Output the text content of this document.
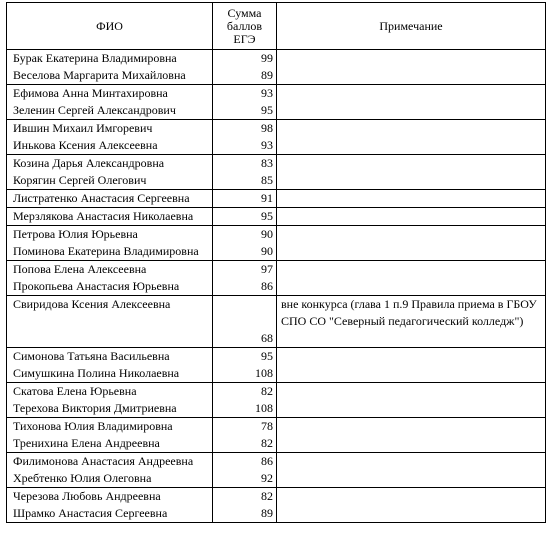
ФИО	Сумма баллов ЕГЭ	Примечание
Бурак Екатерина Владимировна	99	
Веселова Маргарита Михайловна	89	
Ефимова Анна Минтахировна	93	
Зеленин Сергей Александрович	95	
Ившин Михаил Имгоревич	98	
Инькова Ксения Алексеевна	93	
Козина Дарья Александровна	83	
Корягин Сергей Олегович	85	
Листратенко Анастасия Сергеевна	91	
Мерзлякова Анастасия Николаевна	95	
Петрова Юлия Юрьевна	90	
Поминова Екатерина Владимировна	90	
Попова Елена Алексеевна	97	
Прокопьева Анастасия Юрьевна	86	
Свиридова Ксения Алексеевна	68	вне конкурса (глава 1 п.9 Правила приема в ГБОУ СПО СО "Северный педагогический колледж")
Симонова Татьяна Васильевна	95	
Симушкина Полина Николаевна	108	
Скатова Елена Юрьевна	82	
Терехова Виктория Дмитриевна	108	
Тихонова Юлия Владимировна	78	
Тренихина Елена Андреевна	82	
Филимонова Анастасия Андреевна	86	
Хребтенко Юлия Олеговна	92	
Черезова Любовь Андреевна	82	
Шрамко Анастасия Сергеевна	89	
